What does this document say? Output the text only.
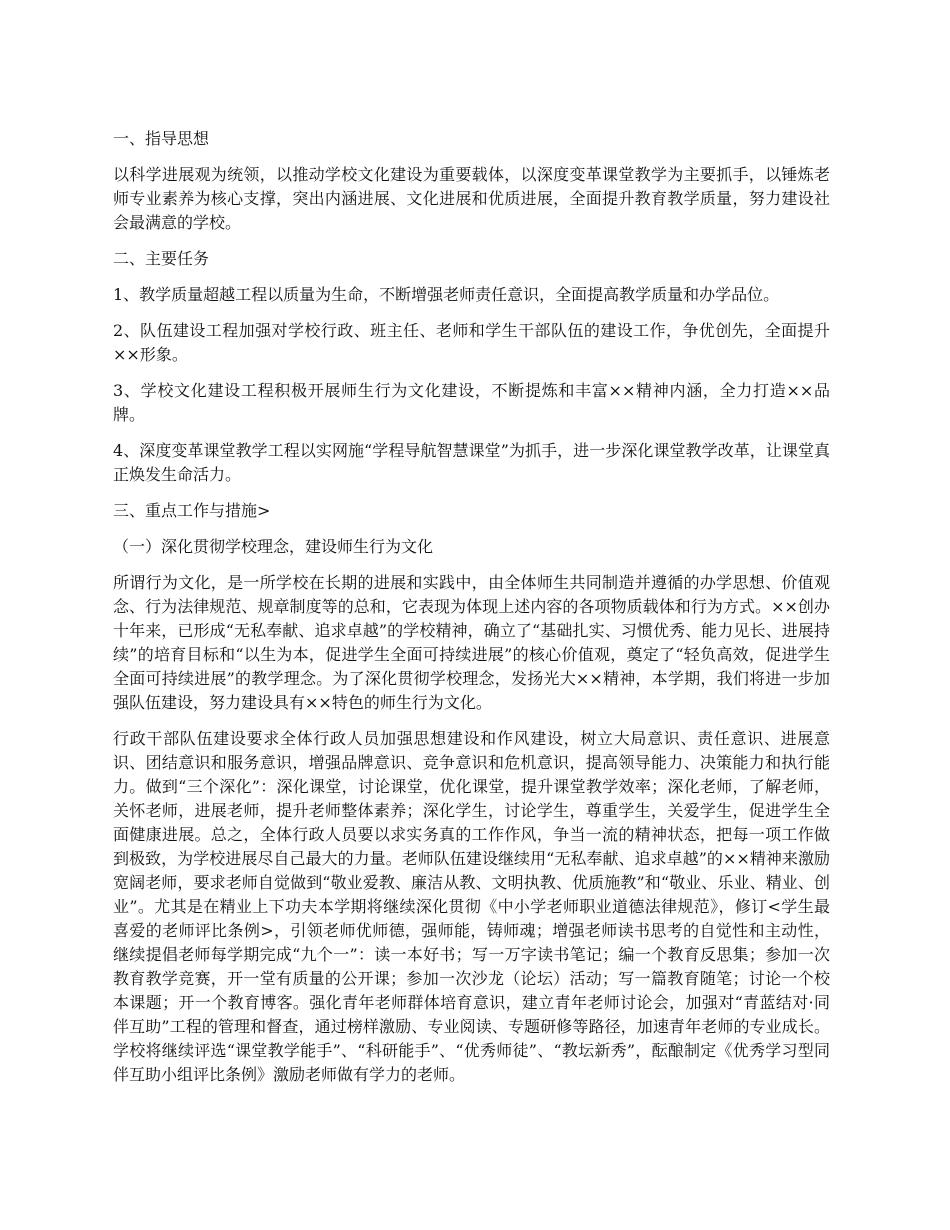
一、指导思想
以科学进展观为统领，以推动学校文化建设为重要载体，以深度变革课堂教学为主要抓手，以锤炼老师专业素养为核心支撑，突出内涵进展、文化进展和优质进展，全面提升教育教学质量，努力建设社会最满意的学校。
二、主要任务
1、教学质量超越工程以质量为生命，不断增强老师责任意识，全面提高教学质量和办学品位。
2、队伍建设工程加强对学校行政、班主任、老师和学生干部队伍的建设工作，争优创先，全面提升××形象。
3、学校文化建设工程积极开展师生行为文化建设，不断提炼和丰富××精神内涵，全力打造××品牌。
4、深度变革课堂教学工程以实网施“学程导航智慧课堂”为抓手，进一步深化课堂教学改革，让课堂真正焕发生命活力。
三、重点工作与措施>
（一）深化贯彻学校理念，建设师生行为文化
所谓行为文化，是一所学校在长期的进展和实践中，由全体师生共同制造并遵循的办学思想、价值观念、行为法律规范、规章制度等的总和，它表现为体现上述内容的各项物质载体和行为方式。××创办十年来，已形成“无私奉献、追求卓越”的学校精神，确立了“基础扎实、习惯优秀、能力见长、进展持续”的培育目标和“以生为本，促进学生全面可持续进展”的核心价值观，奠定了“轻负高效，促进学生全面可持续进展”的教学理念。为了深化贯彻学校理念，发扬光大××精神，本学期，我们将进一步加强队伍建设，努力建设具有××特色的师生行为文化。
行政干部队伍建设要求全体行政人员加强思想建设和作风建设，树立大局意识、责任意识、进展意识、团结意识和服务意识，增强品牌意识、竞争意识和危机意识，提高领导能力、决策能力和执行能力。做到“三个深化”：深化课堂，讨论课堂，优化课堂，提升课堂教学效率；深化老师，了解老师，关怀老师，进展老师，提升老师整体素养；深化学生，讨论学生，尊重学生，关爱学生，促进学生全面健康进展。总之，全体行政人员要以求实务真的工作作风，争当一流的精神状态，把每一项工作做到极致，为学校进展尽自己最大的力量。老师队伍建设继续用“无私奉献、追求卓越”的××精神来激励宽阔老师，要求老师自觉做到“敬业爱教、廉洁从教、文明执教、优质施教”和“敬业、乐业、精业、创业”。尤其是在精业上下功夫本学期将继续深化贯彻《中小学老师职业道德法律规范》，修订<学生最喜爱的老师评比条例>，引领老师优师德，强师能，铸师魂；增强老师读书思考的自觉性和主动性，继续提倡老师每学期完成“九个一”：读一本好书；写一万字读书笔记；编一个教育反思集；参加一次教育教学竞赛，开一堂有质量的公开课；参加一次沙龙（论坛）活动；写一篇教育随笔；讨论一个校本课题；开一个教育博客。强化青年老师群体培育意识，建立青年老师讨论会，加强对“青蓝结对·同伴互助”工程的管理和督查，通过榜样激励、专业阅读、专题研修等路径，加速青年老师的专业成长。学校将继续评选“课堂教学能手”、“科研能手”、“优秀师徒”、“教坛新秀”，酝酿制定《优秀学习型同伴互助小组评比条例》激励老师做有学力的老师。
